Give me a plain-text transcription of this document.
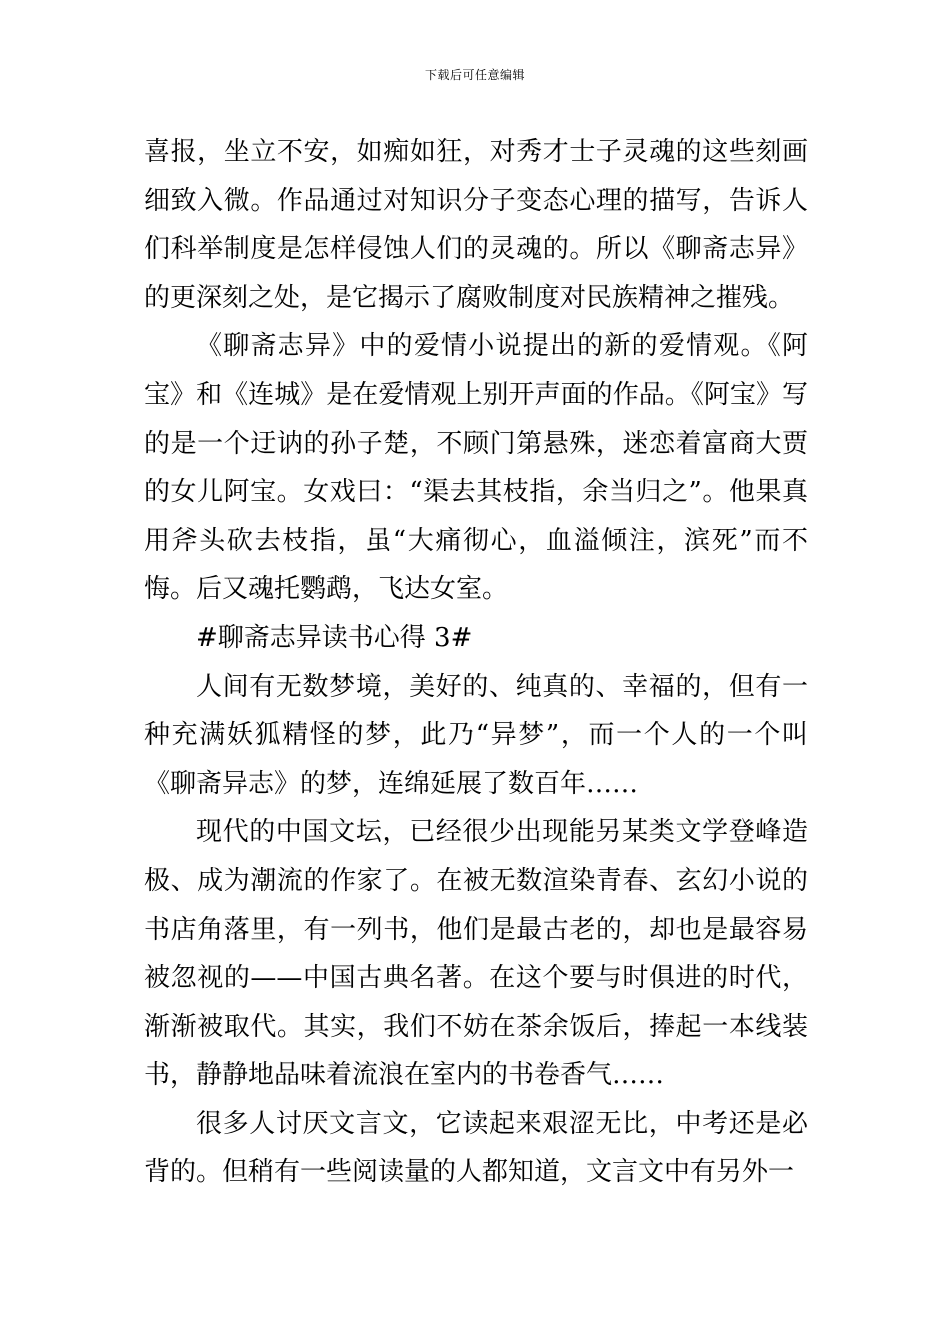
下载后可任意编辑

喜报，坐立不安，如痴如狂，对秀才士子灵魂的这些刻画细致入微。作品通过对知识分子变态心理的描写，告诉人们科举制度是怎样侵蚀人们的灵魂的。所以《聊斋志异》的更深刻之处，是它揭示了腐败制度对民族精神之摧残。

《聊斋志异》中的爱情小说提出的新的爱情观。《阿宝》和《连城》是在爱情观上别开声面的作品。《阿宝》写的是一个迂讷的孙子楚，不顾门第悬殊，迷恋着富商大贾的女儿阿宝。女戏曰：“渠去其枝指，余当归之”。他果真用斧头砍去枝指，虽“大痛彻心，血溢倾注，滨死”而不悔。后又魂托鹦鹉，飞达女室。

#聊斋志异读书心得 3#

人间有无数梦境，美好的、纯真的、幸福的，但有一种充满妖狐精怪的梦，此乃“异梦”，而一个人的一个叫《聊斋异志》的梦，连绵延展了数百年……

现代的中国文坛，已经很少出现能另某类文学登峰造极、成为潮流的作家了。在被无数渲染青春、玄幻小说的书店角落里，有一列书，他们是最古老的，却也是最容易被忽视的——中国古典名著。在这个要与时俱进的时代，渐渐被取代。其实，我们不妨在茶余饭后，捧起一本线装书，静静地品味着流浪在室内的书卷香气……

很多人讨厌文言文，它读起来艰涩无比，中考还是必背的。但稍有一些阅读量的人都知道，文言文中有另外一
